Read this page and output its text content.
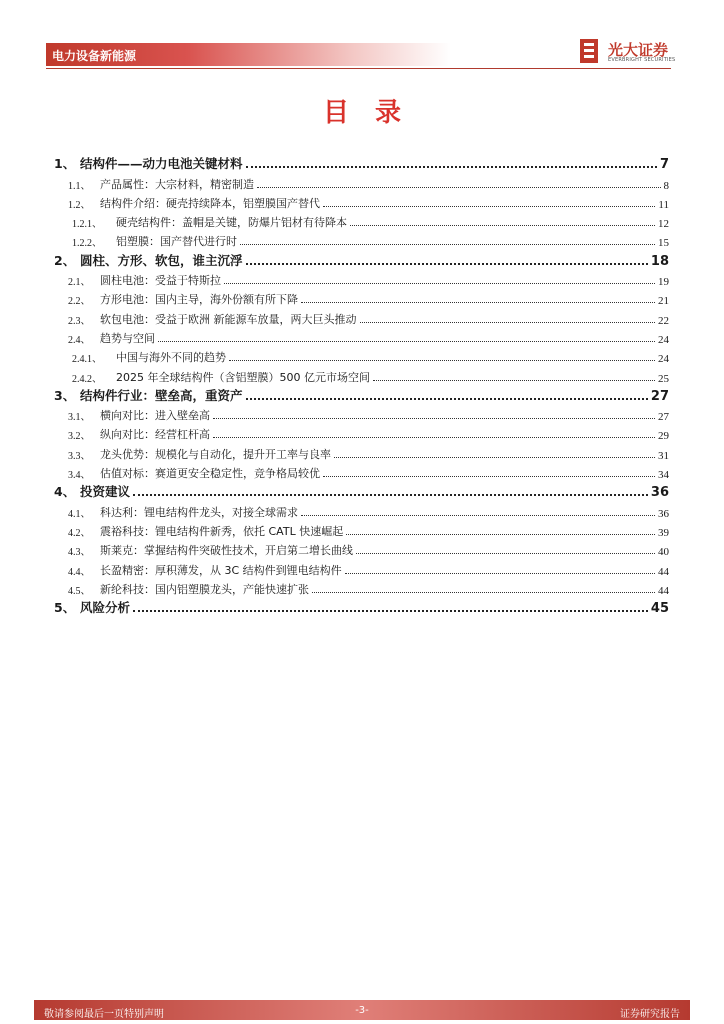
电力设备新能源	光大证券
EVERBRIGHT SECURITIES
目录
1、 结构件——动力电池关键材料	7
1.1、 产品属性：大宗材料，精密制造	8
1.2、 结构件介绍：硬壳持续降本，铝塑膜国产替代	11
1.2.1、	硬壳结构件：盖帽是关键，防爆片铝材有待降本	12
1.2.2、	铝塑膜：国产替代进行时	15
2、 圆柱、方形、软包，谁主沉浮	18
2.1、 圆柱电池：受益于特斯拉	19
2.2、 方形电池：国内主导，海外份额有所下降	21
2.3、 软包电池：受益于欧洲 新能源车放量，两大巨头推动	22
2.4、 趋势与空间	24
2.4.1、	中国与海外不同的趋势	24
2.4.2、	2025 年全球结构件（含铝塑膜）500 亿元市场空间	25
3、 结构件行业：壁垒高，重资产	27
3.1、 横向对比：进入壁垒高	27
3.2、 纵向对比：经营杠杆高	29
3.3、 龙头优势：规模化与自动化，提升开工率与良率	31
3.4、 估值对标：赛道更安全稳定性，竞争格局较优	34
4、 投资建议	36
4.1、 科达利：锂电结构件龙头，对接全球需求	36
4.2、 震裕科技：锂电结构件新秀，依托 CATL 快速崛起	39
4.3、 斯莱克：掌握结构件突破性技术，开启第二增长曲线	40
4.4、 长盈精密：厚积薄发，从 3C 结构件到锂电结构件	44
4.5、 新纶科技：国内铝塑膜龙头，产能快速扩张	44
5、 风险分析	45
敬请参阅最后一页特别声明	-3-	证券研究报告
